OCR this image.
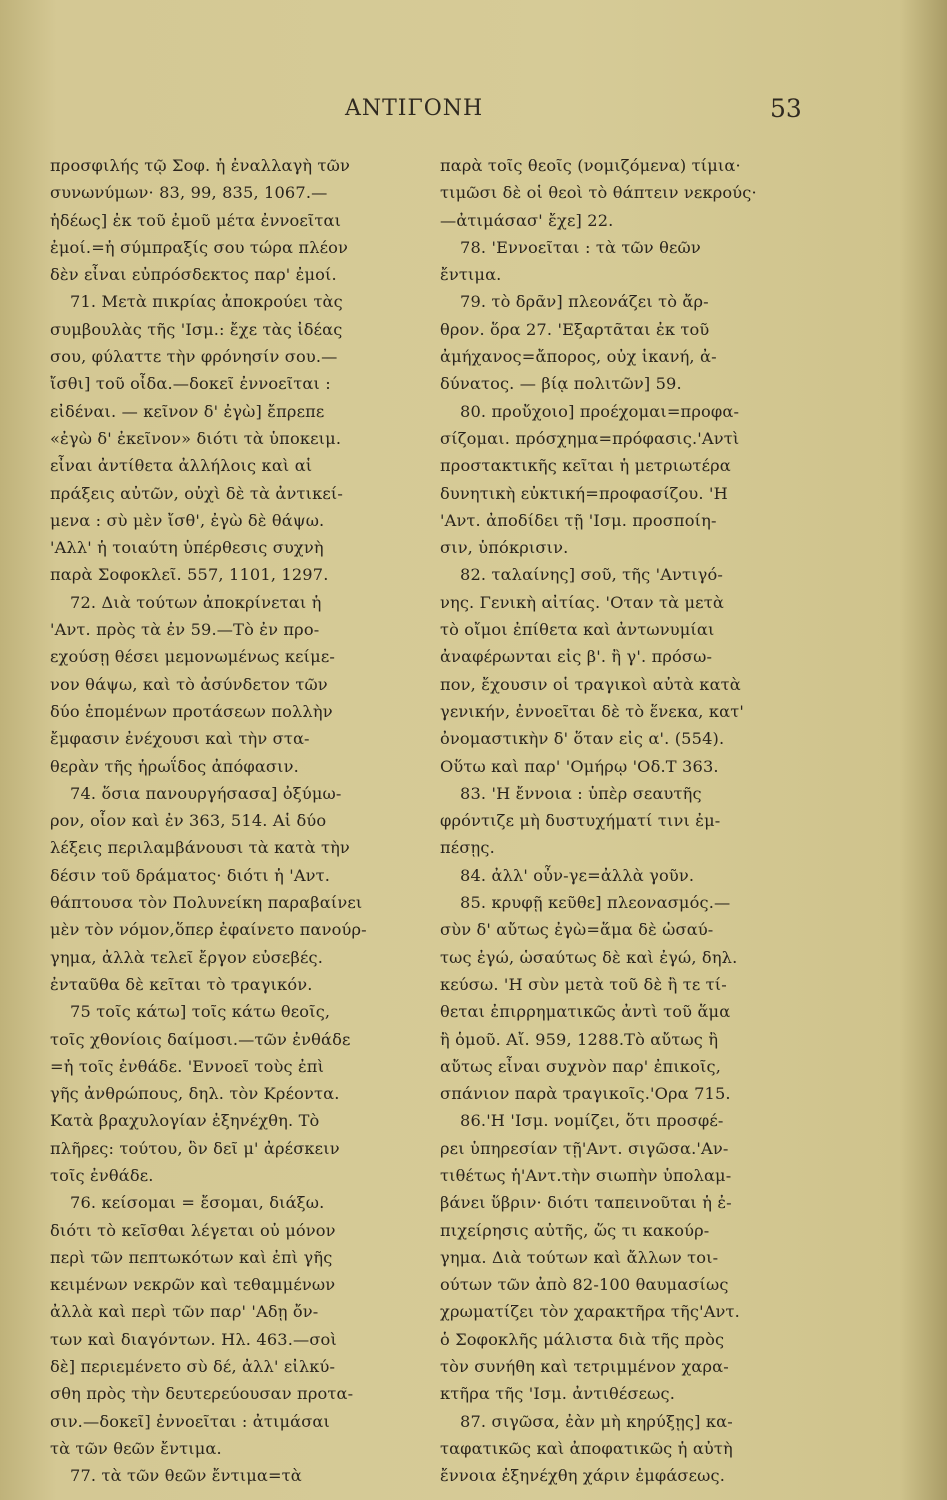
ΑΝΤΙΓΟΝΗ	53
προσφιλής τῷ Σοφ. ἡ ἐναλλαγὴ τῶν
συνωνύμων· 83, 99, 835, 1067.—
ἡδέως] ἐκ τοῦ ἐμοῦ μέτα ἐννοεῖται
ἐμοί.=ἡ σύμπραξίς σου τώρα πλέον
δὲν εἶναι εὐπρόσδεκτος παρ' ἐμοί.
71. Μετὰ πικρίας ἀποκρούει τὰς
συμβουλὰς τῆς 'Ισμ.: ἔχε τὰς ἰδέας
σου, φύλαττε τὴν φρόνησίν σου.—
ἴσθι] τοῦ οἶδα.—δοκεῖ ἐννοεῖται :
εἰδέναι. — κεῖνον δ' ἐγὼ] ἔπρεπε
«ἐγὼ δ' ἐκεῖνον» διότι τὰ ὑποκειμ.
εἶναι ἀντίθετα ἀλλήλοις καὶ αἱ
πράξεις αὐτῶν, οὐχὶ δὲ τὰ ἀντικεί-
μενα : σὺ μὲν ἴσθ', ἐγὼ δὲ θάψω.
'Αλλ' ἡ τοιαύτη ὑπέρθεσις συχνὴ
παρὰ Σοφοκλεῖ. 557, 1101, 1297.
72. Διὰ τούτων ἀποκρίνεται ἡ
'Αντ. πρὸς τὰ ἐν 59.—Τὸ ἐν προ-
εχούσῃ θέσει μεμονωμένως κείμε-
νον θάψω, καὶ τὸ ἀσύνδετον τῶν
δύο ἑπομένων προτάσεων πολλὴν
ἔμφασιν ἐνέχουσι καὶ τὴν στα-
θερὰν τῆς ἡρωΐδος ἀπόφασιν.
74. ὅσια πανουργήσασα] ὀξύμω-
ρον, οἷον καὶ ἐν 363, 514. Αἱ δύο
λέξεις περιλαμβάνουσι τὰ κατὰ τὴν
δέσιν τοῦ δράματος· διότι ἡ 'Αντ.
θάπτουσα τὸν Πολυνείκη παραβαίνει
μὲν τὸν νόμον,ὅπερ ἐφαίνετο πανούρ-
γημα, ἀλλὰ τελεῖ ἔργον εὐσεβές.
ἐνταῦθα δὲ κεῖται τὸ τραγικόν.
75 τοῖς κάτω] τοῖς κάτω θεοῖς,
τοῖς χθονίοις δαίμοσι.—τῶν ἐνθάδε
=ἡ τοῖς ἐνθάδε. 'Εννοεῖ τοὺς ἐπὶ
γῆς ἀνθρώπους, δηλ. τὸν Κρέοντα.
Κατὰ βραχυλογίαν ἐξηνέχθη. Τὸ
πλῆρες: τούτου, ὃν δεῖ μ' ἀρέσκειν
τοῖς ἐνθάδε.
76. κείσομαι = ἔσομαι, διάξω.
διότι τὸ κεῖσθαι λέγεται οὐ μόνον
περὶ τῶν πεπτωκότων καὶ ἐπὶ γῆς
κειμένων νεκρῶν καὶ τεθαμμένων
ἀλλὰ καὶ περὶ τῶν παρ' 'Αδῃ ὄν-
των καὶ διαγόντων. Ηλ. 463.—σοὶ
δὲ] περιεμένετο σὺ δέ, ἀλλ' εἰλκύ-
σθη πρὸς τὴν δευτερεύουσαν προτα-
σιν.—δοκεῖ] ἐννοεῖται : ἀτιμάσαι
τὰ τῶν θεῶν ἔντιμα.
77. τὰ τῶν θεῶν ἔντιμα=τὰ
παρὰ τοῖς θεοῖς (νομιζόμενα) τίμια·
τιμῶσι δὲ οἱ θεοὶ τὸ θάπτειν νεκρούς·
—ἀτιμάσασ' ἔχε] 22.
78. 'Εννοεῖται : τὰ τῶν θεῶν
ἔντιμα.
79. τὸ δρᾶν] πλεονάζει τὸ ἄρ-
θρον. ὅρα 27. 'Εξαρτᾶται ἐκ τοῦ
ἀμήχανος=ἄπορος, οὐχ ἱκανή, ἀ-
δύνατος. — βίᾳ πολιτῶν] 59.
80. προὔχοιο] προέχομαι=προφα-
σίζομαι. πρόσχημα=πρόφασις.'Αντὶ
προστακτικῆς κεῖται ἡ μετριωτέρα
δυνητικὴ εὐκτική=προφασίζου. 'Η
'Αντ. ἀποδίδει τῇ 'Ισμ. προσποίη-
σιν, ὑπόκρισιν.
82. ταλαίνης] σοῦ, τῆς 'Αντιγό-
νης. Γενικὴ αἰτίας. 'Οταν τὰ μετὰ
τὸ οἴμοι ἐπίθετα καὶ ἀντωνυμίαι
ἀναφέρωνται εἰς β'. ἢ γ'. πρόσω-
πον, ἔχουσιν οἱ τραγικοὶ αὐτὰ κατὰ
γενικήν, ἐννοεῖται δὲ τὸ ἕνεκα, κατ'
ὀνομαστικὴν δ' ὅταν εἰς α'. (554).
Οὕτω καὶ παρ' 'Ομήρῳ 'Οδ.Τ 363.
83. 'Η ἔννοια : ὑπὲρ σεαυτῆς
φρόντιζε μὴ δυστυχήματί τινι ἐμ-
πέσῃς.
84. ἀλλ' οὖν-γε=ἀλλὰ γοῦν.
85. κρυφῇ κεῦθε] πλεονασμός.—
σὺν δ' αὔτως ἐγὼ=ἅμα δὲ ὡσαύ-
τως ἐγώ, ὡσαύτως δὲ καὶ ἐγώ, δηλ.
κεύσω. 'Η σὺν μετὰ τοῦ δὲ ἢ τε τί-
θεται ἐπιρρηματικῶς ἀντὶ τοῦ ἅμα
ἢ ὁμοῦ. Αἴ. 959, 1288.Τὸ αὔτως ἢ
αὔτως εἶναι συχνὸν παρ' ἐπικοῖς,
σπάνιον παρὰ τραγικοῖς.'Ορα 715.
86.'Η 'Ισμ. νομίζει, ὅτι προσφέ-
ρει ὑπηρεσίαν τῇ'Αντ. σιγῶσα.'Αν-
τιθέτως ἡ'Αντ.τὴν σιωπὴν ὑπολαμ-
βάνει ὕβριν· διότι ταπεινοῦται ἡ ἐ-
πιχείρησις αὐτῆς, ὥς τι κακούρ-
γημα. Διὰ τούτων καὶ ἄλλων τοι-
ούτων τῶν ἀπὸ 82-100 θαυμασίως
χρωματίζει τὸν χαρακτῆρα τῆς'Αντ.
ὁ Σοφοκλῆς μάλιστα διὰ τῆς πρὸς
τὸν συνήθη καὶ τετριμμένον χαρα-
κτῆρα τῆς 'Ισμ. ἀντιθέσεως.
87. σιγῶσα, ἐὰν μὴ κηρύξῃς] κα-
ταφατικῶς καὶ ἀποφατικῶς ἡ αὐτὴ
ἔννοια ἐξηνέχθη χάριν ἐμφάσεως.
